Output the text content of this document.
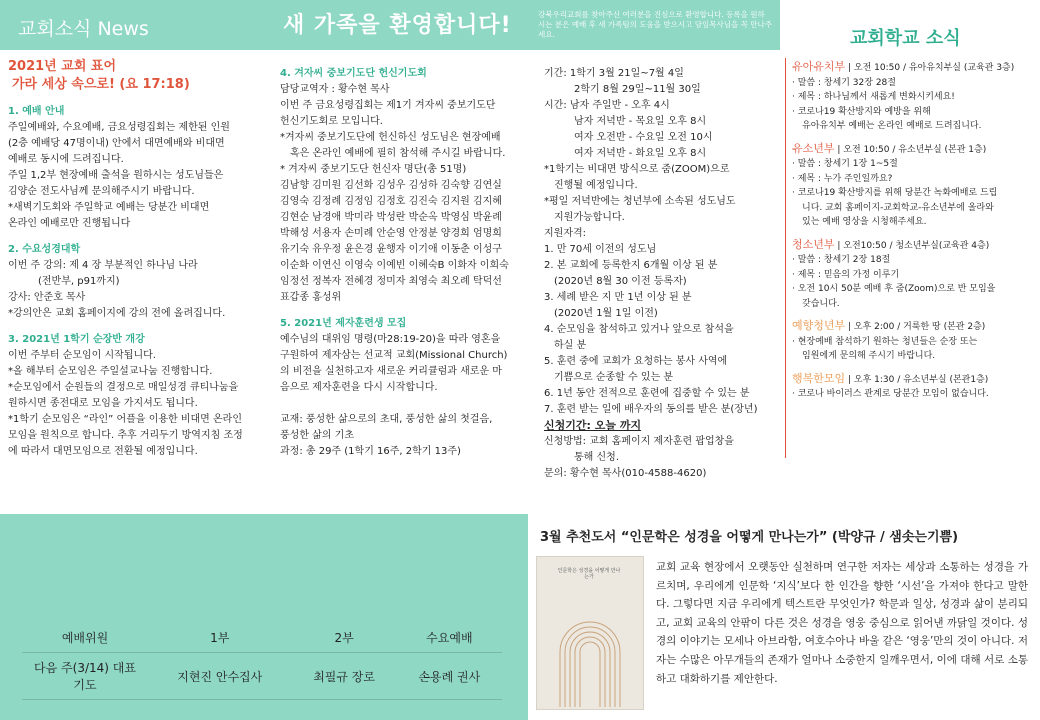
교회소식 News	새 가족을 환영합니다!	강북우리교회를 찾아주신 여러분을 진심으로 환영합니다. 등록을 원하시는 분은 예배 후 새 가족팀의 도움을 받으시고 담임목사님을 꼭 만나주세요.	교회학교 소식

2021년 교회 표어

가라 세상 속으로! (요 17:18)

1. 예배 안내

주일예배와, 수요예배, 금요성령집회는 제한된 인원

(2층 예배당 47명이내) 안에서 대면예배와 비대면

예배로 동시에 드려집니다.

주일 1,2부 현장예배 출석을 원하시는 성도님들은

김양순 전도사님께 문의해주시기 바랍니다.

*새벽기도회와 주일학교 예배는 당분간 비대면

온라인 예배로만 진행됩니다

2. 수요성경대학

이번 주 강의: 제 4 장 부분적인 하나님 나라

(전반부, p91까지)

강사: 안준호 목사

*강의안은 교회 홈페이지에 강의 전에 올려집니다.

3. 2021년 1학기 순장반 개강

이번 주부터 순모임이 시작됩니다.

*올 해부터 순모임은 주일설교나눔 진행합니다.

*순모임에서 순원들의 결정으로 매일성경 큐티나눔을

원하시면 종전대로 모임을 가지셔도 됩니다.

*1학기 순모임은 “라인” 어플을 이용한 비대면 온라인

모임을 원칙으로 합니다. 추후 거리두기 방역지침 조정

에 따라서 대면모임으로 전환될 예정입니다.

4. 겨자씨 중보기도단 헌신기도회

담당교역자 : 황수현 목사

이번 주 금요성령집회는 제1기 겨자씨 중보기도단

헌신기도회로 모입니다.

*겨자씨 중보기도단에 헌신하신 성도님은 현장예배

혹은 온라인 예배에 필히 참석해 주시길 바랍니다.

* 겨자씨 중보기도단 헌신자 명단(총 51명)

김남향 김미원 김선화 김성우 김성하 김숙향 김연실

김영숙 김정례 김정임 김정호 김진숙 김지원 김지혜

김현순 남경애 박미라 박성란 박순옥 박영심 박윤례

박해성 서용자 손미례 안순영 안정분 양경희 엄명희

유기숙 유우정 윤은경 윤행자 이기애 이동춘 이성구

이순화 이연신 이영숙 이예빈 이혜숙B 이화자 이희숙

임정선 정복자 전혜경 정미자 최영숙 최오례 탁덕선

표갑종 홍성위

5. 2021년 제자훈련생 모집

예수님의 대위임 명령(마28:19-20)을 따라 영혼을

구원하여 제자삼는 선교적 교회(Missional Church)

의 비전을 실천하고자 새로운 커리큘럼과 새로운 마

음으로 제자훈련을 다시 시작합니다.

교재: 풍성한 삶으로의 초대, 풍성한 삶의 첫걸음,

풍성한 삶의 기초

과정: 총 29주 (1학기 16주, 2학기 13주)

기간: 1학기 3월 21일~7월 4일

2학기 8월 29일~11월 30일

시간: 남자 주일반 - 오후 4시

남자 저녁반 - 목요일 오후 8시

여자 오전반 - 수요일 오전 10시

여자 저녁반 - 화요일 오후 8시

*1학기는 비대면 방식으로 줌(ZOOM)으로

진행될 예정입니다.

*평일 저녁반에는 청년부에 소속된 성도님도

지원가능합니다.

지원자격:

1. 만 70세 이전의 성도님

2. 본 교회에 등록한지 6개월 이상 된 분

(2020년 8월 30 이전 등록자)

3. 세례 받은 지 만 1년 이상 된 분

(2020년 1월 1일 이전)

4. 순모임을 참석하고 있거나 앞으로 참석을

하실 분

5. 훈련 중에 교회가 요청하는 봉사 사역에

기쁨으로 순종할 수 있는 분

6. 1년 동안 전적으로 훈련에 집중할 수 있는 분

7. 훈련 받는 일에 배우자의 동의를 받은 분(장년)

신청기간: 오늘 까지

신청방법: 교회 홈페이지 제자훈련 팝업창을

통해 신청.

문의: 황수현 목사(010-4588-4620)

유아유치부 | 오전 10:50 / 유아유치부실 (교육관 3층)

· 말씀 : 창세기 32장 28절

· 제목 : 하나님께서 새롭게 변화시키세요!

· 코로나19 확산방지와 예방을 위해

유아유치부 예배는 온라인 예배로 드려집니다.

유소년부 | 오전 10:50 / 유소년부실 (본관 1층)

· 말씀 : 창세기 1장 1~5절

· 제목 : 누가 주인일까요?

· 코로나19 확산방지를 위해 당분간 녹화예배로 드립

니다. 교회 홈페이지-교회학교-유소년부에 올라와

있는 예배 영상을 시청해주세요.

청소년부 | 오전10:50 / 청소년부실(교육관 4층)

· 말씀 : 창세기 2장 18절

· 제목 : 믿음의 가정 이루기

· 오전 10시 50분 예배 후 줌(Zoom)으로 반 모임을

갖습니다.

예향청년부 | 오후 2:00 / 거룩한 땅 (본관 2층)

· 현장예배 참석하기 원하는 청년들은 순장 또는

임원에게 문의해 주시기 바랍니다.

행복한모임 | 오후 1:30 / 유소년부실 (본관1층)

· 코로나 바이러스 관계로 당분간 모임이 없습니다.

예배위원	1부	2부	수요예배
다음 주(3/14) 대표기도	지현진 안수집사	최필규 장로	손용례 권사
3월 추천도서 “인문학은 성경을 어떻게 만나는가” (박양규 / 샘솟는기쁨)
인문학은 성경을 어떻게 만나는가
교회 교육 현장에서 오랫동안 실천하며 연구한 저자는 세상과 소통하는 성경을 가르치며, 우리에게 인문학 ‘지식’보다 한 인간을 향한 ‘시선’을 가져야 한다고 말한다. 그렇다면 지금 우리에게 텍스트란 무엇인가? 학문과 일상, 성경과 삶이 분리되고, 교회 교육의 안팎이 다른 것은 성경을 영웅 중심으로 읽어낸 까닭일 것이다. 성경의 이야기는 모세나 아브라함, 여호수아나 바울 같은 ‘영웅’만의 것이 아니다. 저자는 수많은 아무개들의 존재가 얼마나 소중한지 일깨우면서, 이에 대해 서로 소통하고 대화하기를 제안한다.
